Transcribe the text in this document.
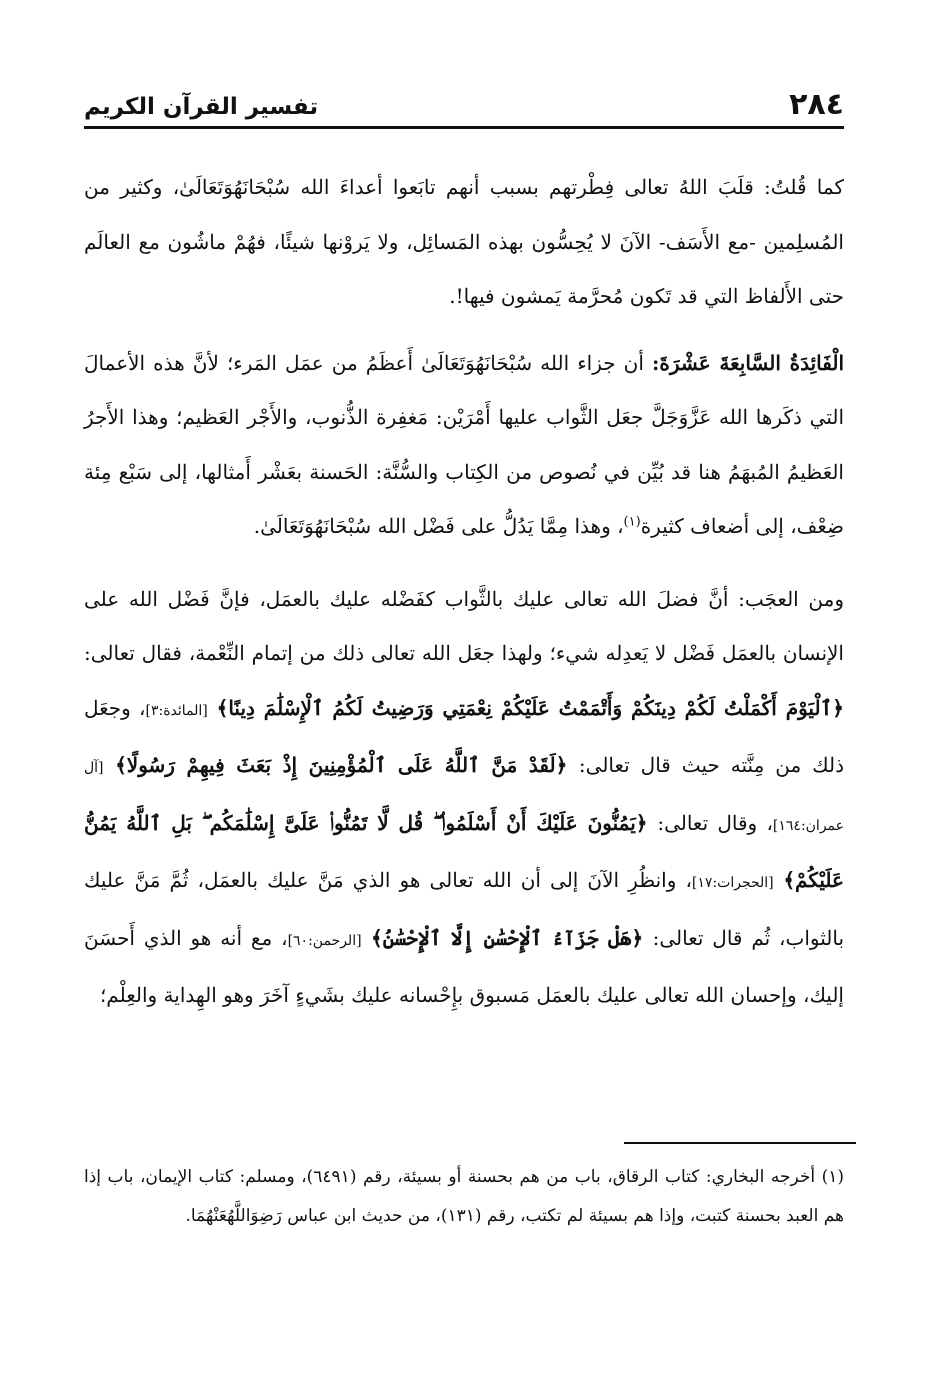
٢٨٤
تفسير القرآن الكريم

كما قُلتُ: قلَبَ اللهُ تعالى فِطْرتهم بسبب أنهم تابَعوا أعداءَ الله سُبْحَانَهُوَتَعَالَىٰ، وكثير من المُسلِمين -مع الأَسَف- الآنَ لا يُحِسُّون بهذه المَسائِل، ولا يَروْنها شيئًا، فهُمْ ماشُون مع العالَم حتى الأَلفاظ التي قد تَكون مُحرَّمة يَمشون فيها!.

الْفَائِدَةُ السَّابِعَةَ عَشْرَةَ: أن جزاء الله سُبْحَانَهُوَتَعَالَىٰ أَعظَمُ من عمَل المَرء؛ لأنَّ هذه الأعمالَ التي ذكَرها الله عَزَّوَجَلَّ جعَل الثَّواب عليها أَمْرَيْن: مَغفِرة الذُّنوب، والأَجْر العَظيم؛ وهذا الأَجرُ العَظيمُ المُبهَمُ هنا قد بُيِّن في نُصوص من الكِتاب والسُّنَّة: الحَسنة بعَشْر أَمثالها، إلى سَبْع مِئة ضِعْف، إلى أضعاف كثيرة$^{(١)}$، وهذا مِمَّا يَدُلُّ على فَضْل الله سُبْحَانَهُوَتَعَالَىٰ.

ومن العجَب: أنَّ فضلَ الله تعالى عليك بالثَّواب كفَضْله عليك بالعمَل، فإنَّ فَضْل الله على الإنسان بالعمَل فَضْل لا يَعدِله شيء؛ ولهذا جعَل الله تعالى ذلك من إتمام النِّعْمة، فقال تعالى: ﴿ٱلْيَوْمَ أَكْمَلْتُ لَكُمْ دِينَكُمْ وَأَتْمَمْتُ عَلَيْكُمْ نِعْمَتِي وَرَضِيتُ لَكُمُ ٱلْإِسْلَٰمَ دِينًا﴾ [المائدة:٣]، وجعَل ذلك من مِنَّته حيث قال تعالى: ﴿لَقَدْ مَنَّ ٱللَّهُ عَلَى ٱلْمُؤْمِنِينَ إِذْ بَعَثَ فِيهِمْ رَسُولًا﴾ [آل عمران:١٦٤]، وقال تعالى: ﴿يَمُنُّونَ عَلَيْكَ أَنْ أَسْلَمُوا۟ ۖ قُل لَّا تَمُنُّوا۟ عَلَىَّ إِسْلَٰمَكُم ۖ بَلِ ٱللَّهُ يَمُنُّ عَلَيْكُمْ﴾ [الحجرات:١٧]، وانظُرِ الآنَ إلى أن الله تعالى هو الذي مَنَّ عليك بالعمَل، ثُمَّ مَنَّ عليك بالثواب، ثُم قال تعالى: ﴿هَلْ جَزَآءُ ٱلْإِحْسَٰنِ إِلَّا ٱلْإِحْسَٰنُ﴾ [الرحمن:٦٠]، مع أنه هو الذي أَحسَنَ إليك، وإحسان الله تعالى عليك بالعمَل مَسبوق بإِحْسانه عليك بشَيءٍ آخَرَ وهو الهِداية والعِلْم؛

(١) أخرجه البخاري: كتاب الرقاق، باب من هم بحسنة أو بسيئة، رقم (٦٤٩١)، ومسلم: كتاب الإيمان، باب إذا هم العبد بحسنة كتبت، وإذا هم بسيئة لم تكتب، رقم (١٣١)، من حديث ابن عباس رَضِوَاللَّهُعَنْهُمَا.
